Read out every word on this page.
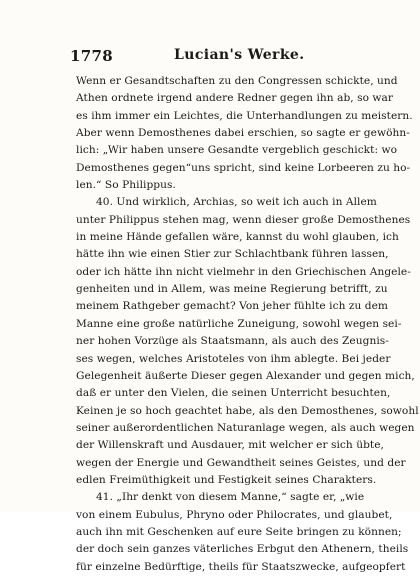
1778	Lucian's Werke.
Wenn er Gesandtschaften zu den Congressen schickte, und
Athen ordnete irgend andere Redner gegen ihn ab, so war
es ihm immer ein Leichtes, die Unterhandlungen zu meistern.
Aber wenn Demosthenes dabei erschien, so sagte er gewöhn-
lich: „Wir haben unsere Gesandte vergeblich geschickt: wo
Demosthenes gegen“uns spricht, sind keine Lorbeeren zu ho-
len.“ So Philippus.
40. Und wirklich, Archias, so weit ich auch in Allem
unter Philippus stehen mag, wenn dieser große Demosthenes
in meine Hände gefallen wäre, kannst du wohl glauben, ich
hätte ihn wie einen Stier zur Schlachtbank führen lassen,
oder ich hätte ihn nicht vielmehr in den Griechischen Angele-
genheiten und in Allem, was meine Regierung betrifft, zu
meinem Rathgeber gemacht? Von jeher fühlte ich zu dem
Manne eine große natürliche Zuneigung, sowohl wegen sei-
ner hohen Vorzüge als Staatsmann, als auch des Zeugnis-
ses wegen, welches Aristoteles von ihm ablegte. Bei jeder
Gelegenheit äußerte Dieser gegen Alexander und gegen mich,
daß er unter den Vielen, die seinen Unterricht besuchten,
Keinen je so hoch geachtet habe, als den Demosthenes, sowohl
seiner außerordentlichen Naturanlage wegen, als auch wegen
der Willenskraft und Ausdauer, mit welcher er sich übte,
wegen der Energie und Gewandtheit seines Geistes, und der
edlen Freimüthigkeit und Festigkeit seines Charakters.
41. „Ihr denkt von diesem Manne,“ sagte er, „wie
von einem Eubulus, Phryno oder Philocrates, und glaubet,
auch ihn mit Geschenken auf eure Seite bringen zu können;
der doch sein ganzes väterliches Erbgut den Athenern, theils
für einzelne Bedürftige, theils für Staatszwecke, aufgeopfert
